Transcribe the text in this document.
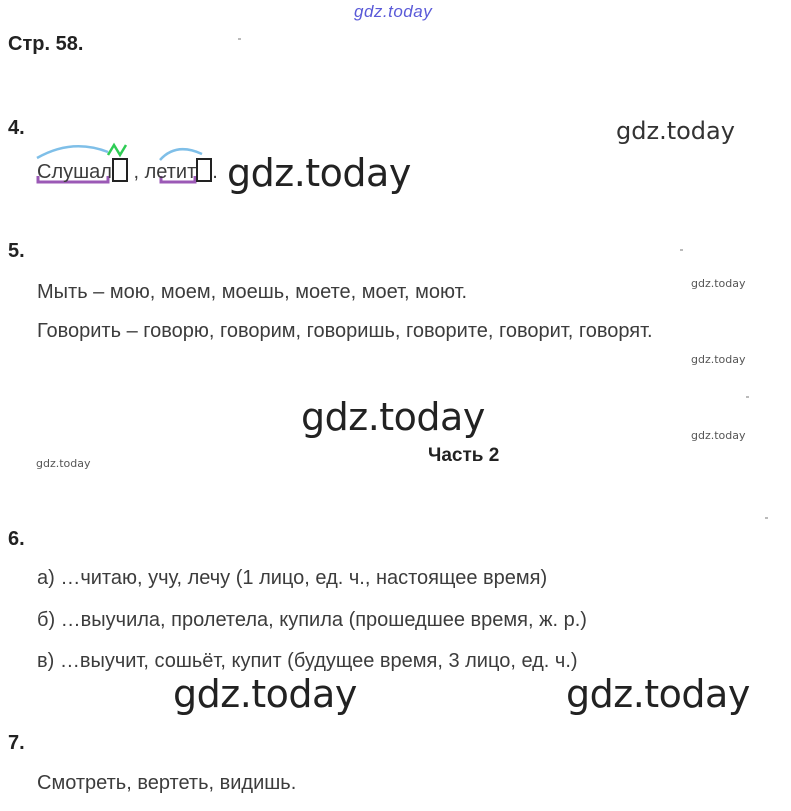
gdz.today
Стр. 58.
4.	gdz.today
Слушал , летит . gdz.today
5.
Мыть – мою, моем, моешь, моете, моет, моют.	gdz.today
Говорить – говорю, говорим, говоришь, говорите, говорит, говорят.
gdz.today
gdz.today	gdz.today
Часть 2
gdz.today
6.
а) …читаю, учу, лечу (1 лицо, ед. ч., настоящее время)
б) …выучила, пролетела, купила (прошедшее время, ж. р.)
в) …выучит, сошьёт, купит (будущее время, 3 лицо, ед. ч.)
gdz.today	gdz.today
7.
Смотреть, вертеть, видишь.
